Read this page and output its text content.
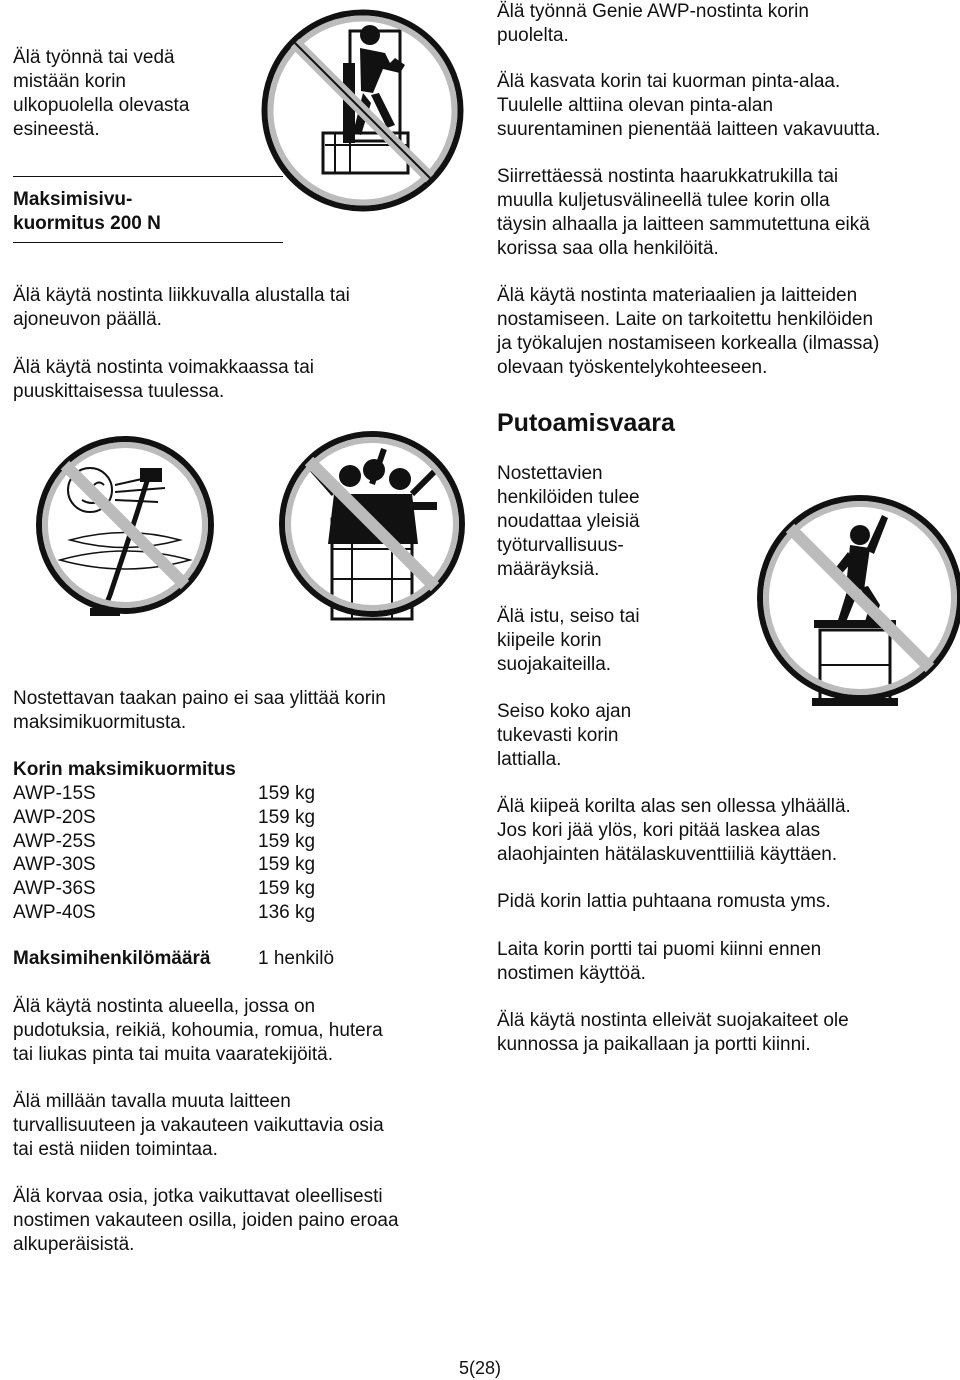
Älä työnnä tai vedä

mistään korin

ulkopuolella olevasta

esineestä.

Maksimisivu-

kuormitus 200 N

Älä käytä nostinta liikkuvalla alustalla tai

ajoneuvon päällä.

Älä käytä nostinta voimakkaassa tai

puuskittaisessa tuulessa.

Nostettavan taakan paino ei saa ylittää korin

maksimikuormitusta.

Korin maksimikuormitus
AWP-15S	159 kg
AWP-20S	159 kg
AWP-25S	159 kg
AWP-30S	159 kg
AWP-36S	159 kg
AWP-40S	136 kg
Maksimihenkilömäärä	1 henkilö

Älä käytä nostinta alueella, jossa on

pudotuksia, reikiä, kohoumia, romua, hutera

tai liukas pinta tai muita vaaratekijöitä.

Älä millään tavalla muuta laitteen

turvallisuuteen ja vakauteen vaikuttavia osia

tai estä niiden toimintaa.

Älä korvaa osia, jotka vaikuttavat oleellisesti

nostimen vakauteen osilla, joiden paino eroaa

alkuperäisistä.

Älä työnnä Genie AWP-nostinta korin

puolelta.

Älä kasvata korin tai kuorman pinta-alaa.

Tuulelle alttiina olevan pinta-alan

suurentaminen pienentää laitteen vakavuutta.

Siirrettäessä nostinta haarukkatrukilla tai

muulla kuljetusvälineellä tulee korin olla

täysin alhaalla ja laitteen sammutettuna eikä

korissa saa olla henkilöitä.

Älä käytä nostinta materiaalien ja laitteiden

nostamiseen. Laite on tarkoitettu henkilöiden

ja työkalujen nostamiseen korkealla (ilmassa)

olevaan työskentelykohteeseen.

Putoamisvaara

Nostettavien

henkilöiden tulee

noudattaa yleisiä

työturvallisuus-

määräyksiä.

Älä istu, seiso tai

kiipeile korin

suojakaiteilla.

Seiso koko ajan

tukevasti korin

lattialla.

Älä kiipeä korilta alas sen ollessa ylhäällä.

Jos kori jää ylös, kori pitää laskea alas

alaohjainten hätälaskuventtiiliä käyttäen.

Pidä korin lattia puhtaana romusta yms.

Laita korin portti tai puomi kiinni ennen

nostimen käyttöä.

Älä käytä nostinta elleivät suojakaiteet ole

kunnossa ja paikallaan ja portti kiinni.

5(28)
